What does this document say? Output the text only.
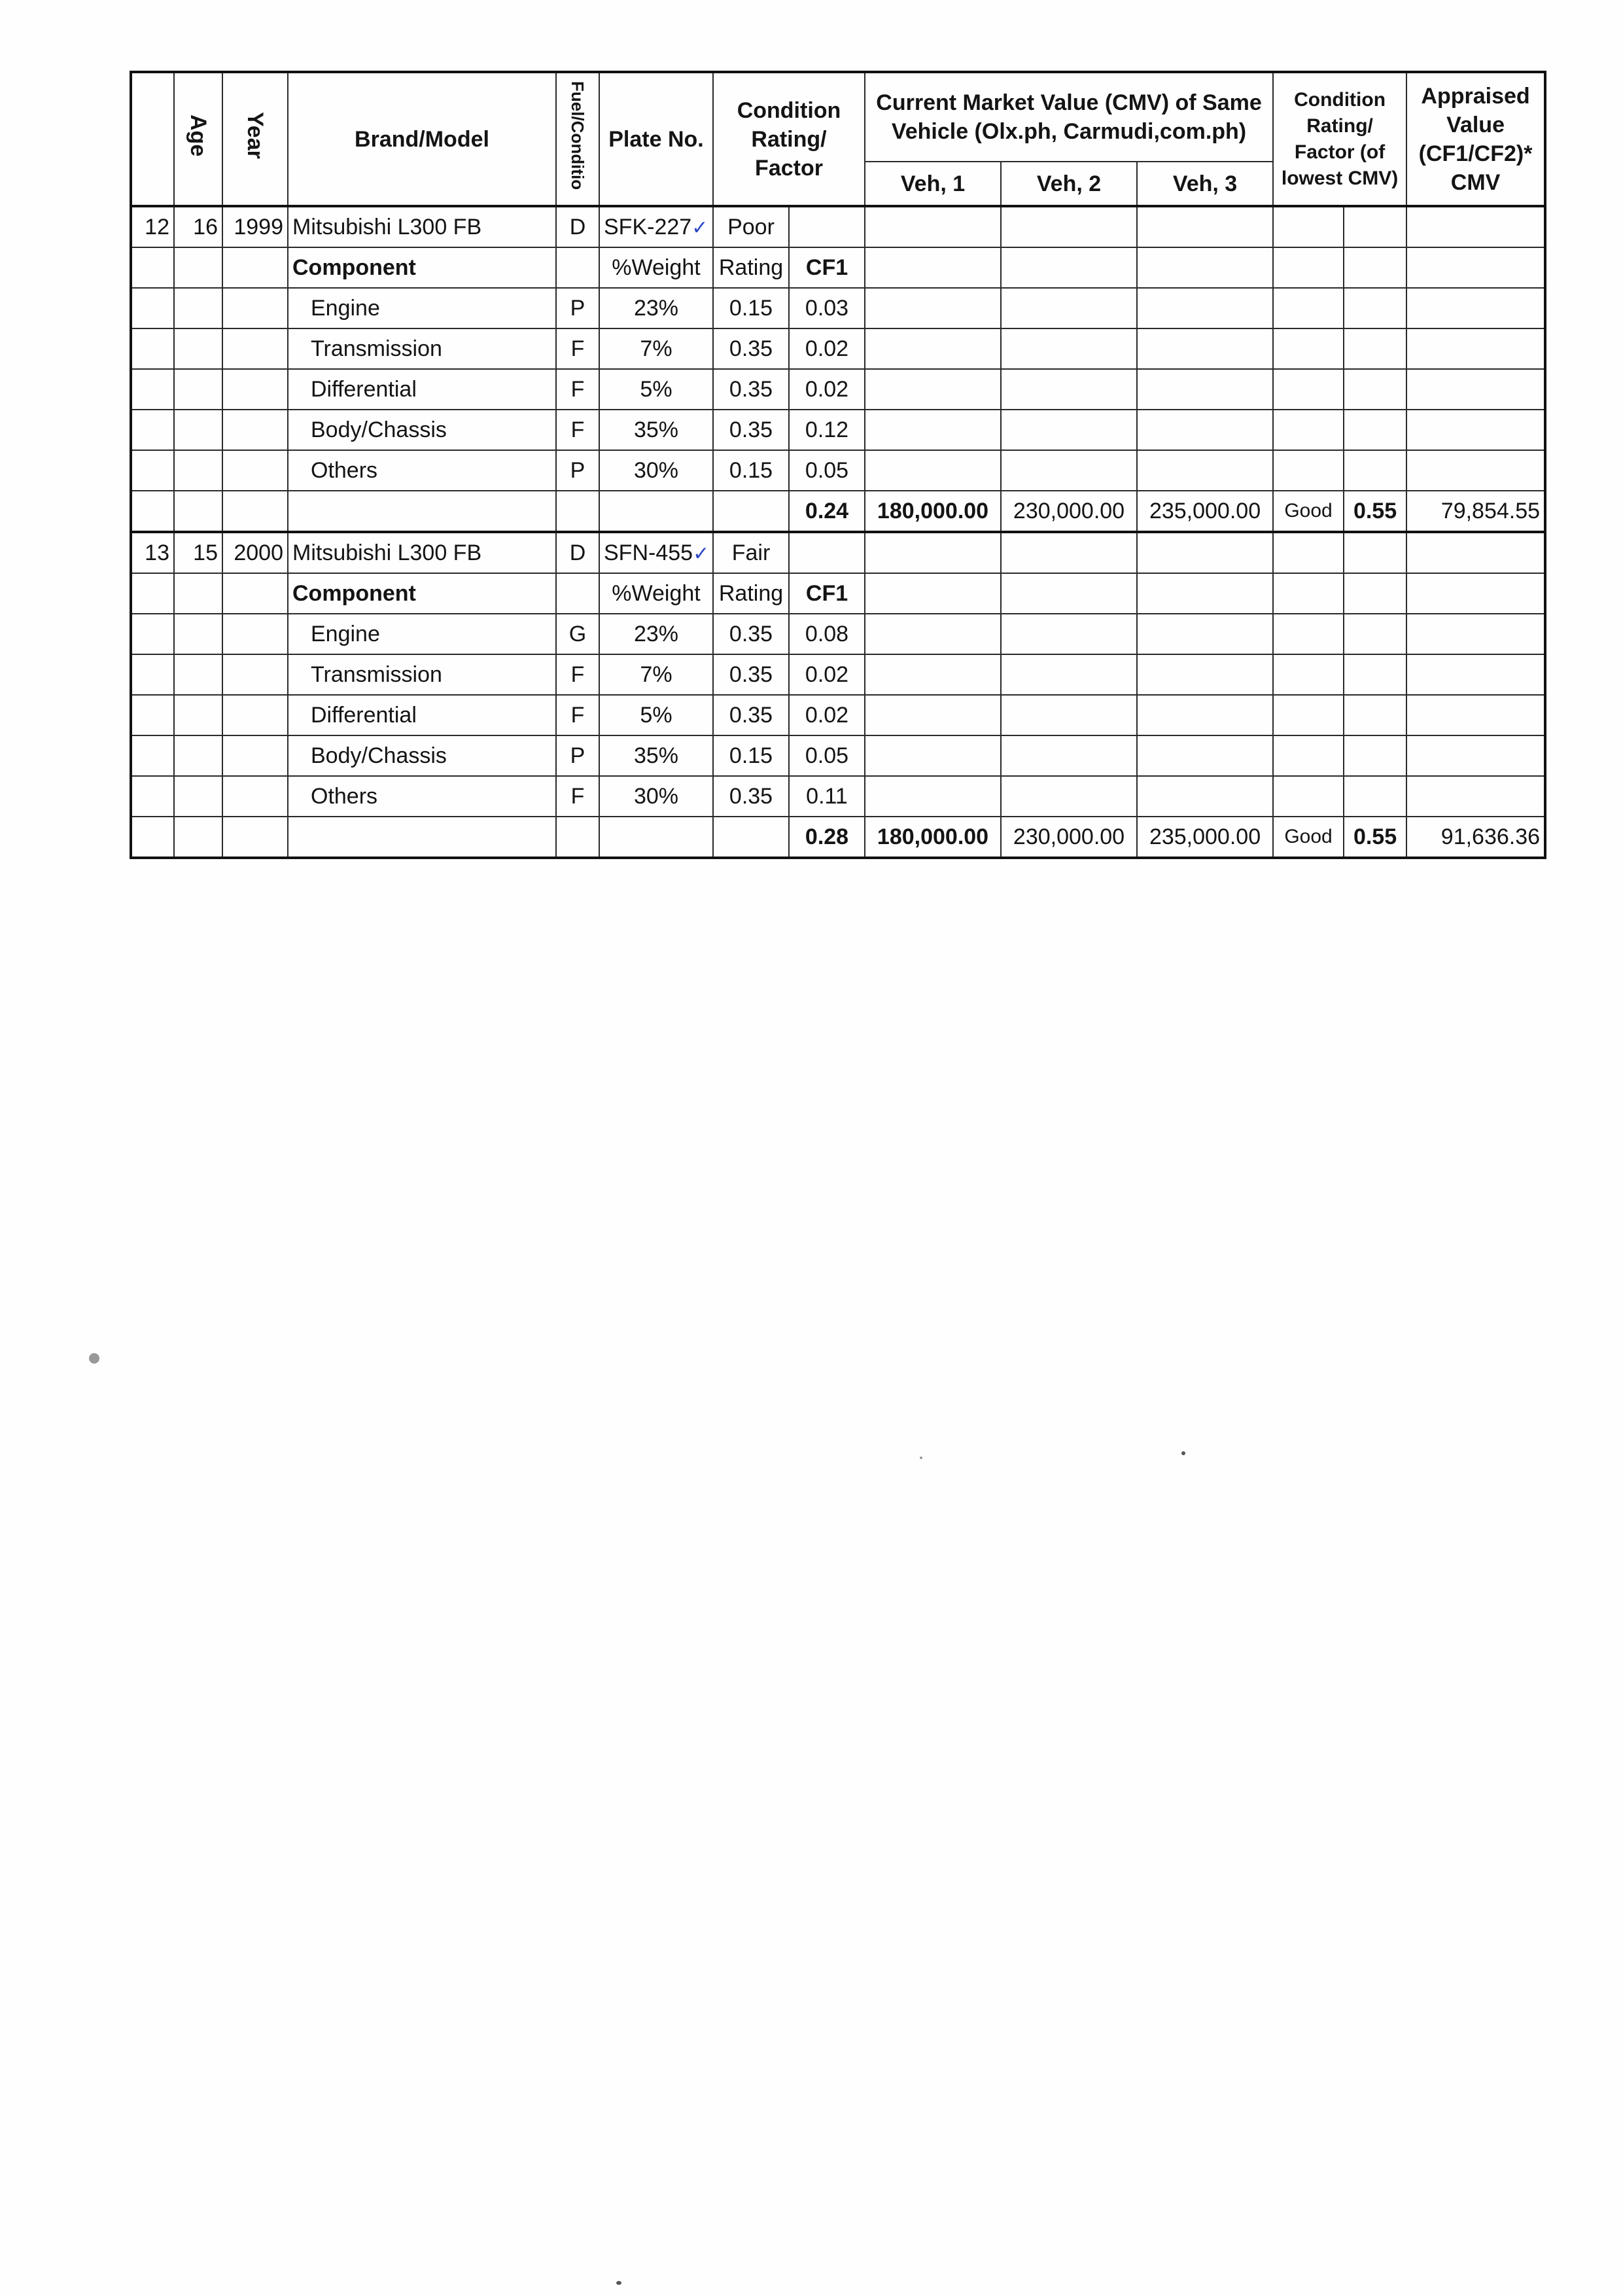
	Age	Year	Brand/Model	Fuel/Conditio	Plate No.	Condition Rating/ Factor		Current Market Value (CMV) of Same Vehicle (Olx.ph, Carmudi,com.ph)			Condition Rating/ Factor (of lowest CMV)		Appraised Value (CF1/CF2)* CMV
								Veh, 1	Veh, 2	Veh, 3			
12	16	1999	Mitsubishi L300 FB	D	SFK-227✓	Poor							
			Component		%Weight	Rating	CF1						
			Engine	P	23%	0.15	0.03						
			Transmission	F	7%	0.35	0.02						
			Differential	F	5%	0.35	0.02						
			Body/Chassis	F	35%	0.35	0.12						
			Others	P	30%	0.15	0.05						
							0.24	180,000.00	230,000.00	235,000.00	Good	0.55	79,854.55
13	15	2000	Mitsubishi L300 FB	D	SFN-455✓	Fair							
			Component		%Weight	Rating	CF1						
			Engine	G	23%	0.35	0.08						
			Transmission	F	7%	0.35	0.02						
			Differential	F	5%	0.35	0.02						
			Body/Chassis	P	35%	0.15	0.05						
			Others	F	30%	0.35	0.11						
							0.28	180,000.00	230,000.00	235,000.00	Good	0.55	91,636.36
